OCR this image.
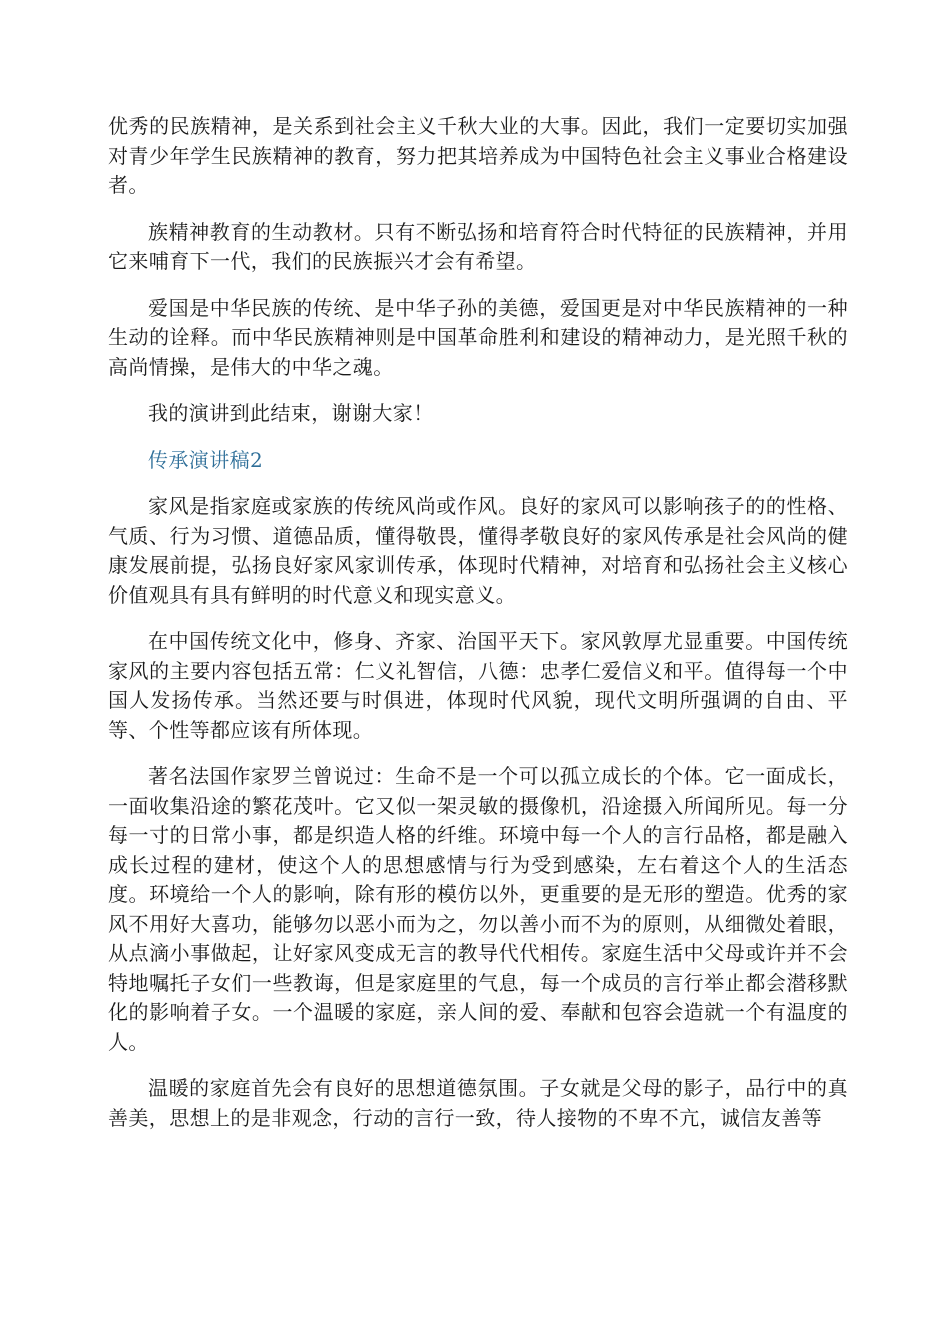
优秀的民族精神，是关系到社会主义千秋大业的大事。因此，我们一定要切实加强对青少年学生民族精神的教育，努力把其培养成为中国特色社会主义事业合格建设者。

族精神教育的生动教材。只有不断弘扬和培育符合时代特征的民族精神，并用它来哺育下一代，我们的民族振兴才会有希望。

爱国是中华民族的传统、是中华子孙的美德，爱国更是对中华民族精神的一种生动的诠释。而中华民族精神则是中国革命胜利和建设的精神动力，是光照千秋的高尚情操，是伟大的中华之魂。

我的演讲到此结束，谢谢大家！

传承演讲稿2

家风是指家庭或家族的传统风尚或作风。良好的家风可以影响孩子的的性格、气质、行为习惯、道德品质，懂得敬畏，懂得孝敬良好的家风传承是社会风尚的健康发展前提，弘扬良好家风家训传承，体现时代精神，对培育和弘扬社会主义核心价值观具有具有鲜明的时代意义和现实意义。

在中国传统文化中，修身、齐家、治国平天下。家风敦厚尤显重要。中国传统家风的主要内容包括五常：仁义礼智信，八德：忠孝仁爱信义和平。值得每一个中国人发扬传承。当然还要与时俱进，体现时代风貌，现代文明所强调的自由、平等、个性等都应该有所体现。

著名法国作家罗兰曾说过：生命不是一个可以孤立成长的个体。它一面成长，一面收集沿途的繁花茂叶。它又似一架灵敏的摄像机，沿途摄入所闻所见。每一分每一寸的日常小事，都是织造人格的纤维。环境中每一个人的言行品格，都是融入成长过程的建材，使这个人的思想感情与行为受到感染，左右着这个人的生活态度。环境给一个人的影响，除有形的模仿以外，更重要的是无形的塑造。优秀的家风不用好大喜功，能够勿以恶小而为之，勿以善小而不为的原则，从细微处着眼，从点滴小事做起，让好家风变成无言的教导代代相传。家庭生活中父母或许并不会特地嘱托子女们一些教诲，但是家庭里的气息，每一个成员的言行举止都会潜移默化的影响着子女。一个温暖的家庭，亲人间的爱、奉献和包容会造就一个有温度的人。

温暖的家庭首先会有良好的思想道德氛围。子女就是父母的影子，品行中的真善美，思想上的是非观念，行动的言行一致，待人接物的不卑不亢，诚信友善等
